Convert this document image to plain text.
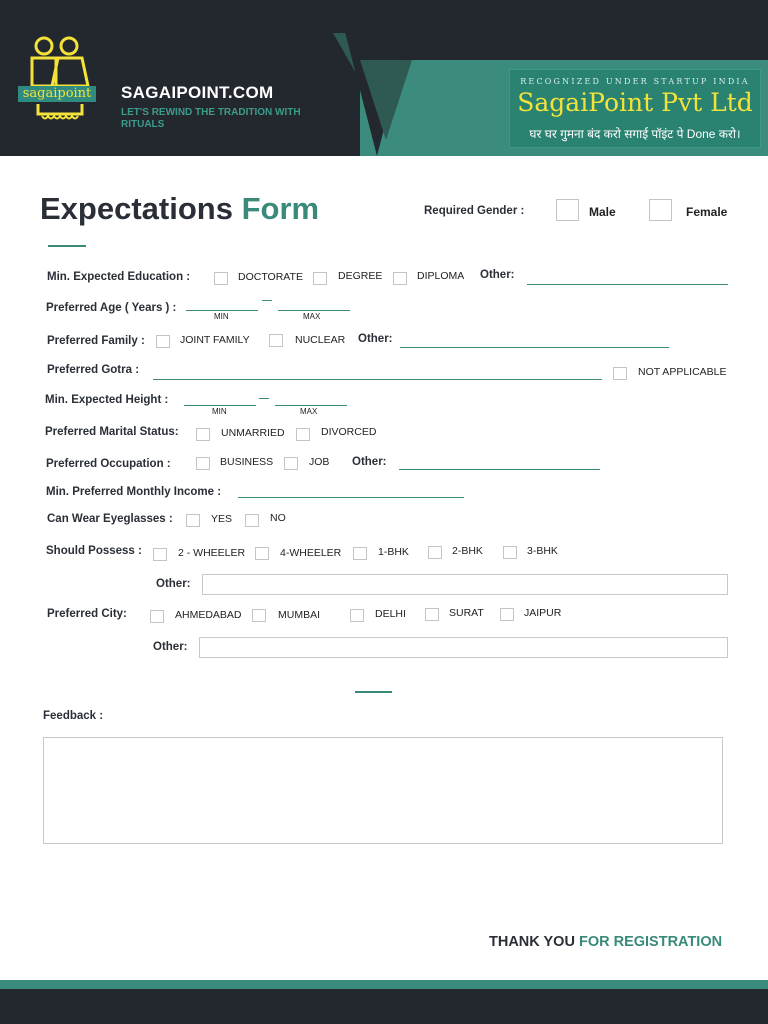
sagaipoint SAGAIPOINT.COM
LET'S REWIND THE TRADITION WITH RITUALS
RECOGNIZED UNDER STARTUP INDIA
SagaiPoint Pvt Ltd
घर घर गुमना बंद करो सगाई पॉइंट पे Done करो।
Expectations Form	Required Gender :	Male	Female
Min. Expected Education :	DOCTORATE	DEGREE	DIPLOMA Other:
Preferred Age ( Years ) :
MIN	MAX
Preferred Family :	JOINT FAMILY	NUCLEAR Other:
Preferred Gotra :	NOT APPLICABLE
Min. Expected Height :
MIN	MAX
Preferred Marital Status:	UNMARRIED	DIVORCED
Preferred Occupation :	BUSINESS	JOB Other:
Min. Preferred Monthly Income :
Can Wear Eyeglasses :	YES	NO
Should Possess :	2 - WHEELER	4-WHEELER	1-BHK	2-BHK	3-BHK
Other:
Preferred City:	AHMEDABAD	MUMBAI	DELHI	SURAT	JAIPUR
Other:
Feedback :
THANK YOU FOR REGISTRATION
